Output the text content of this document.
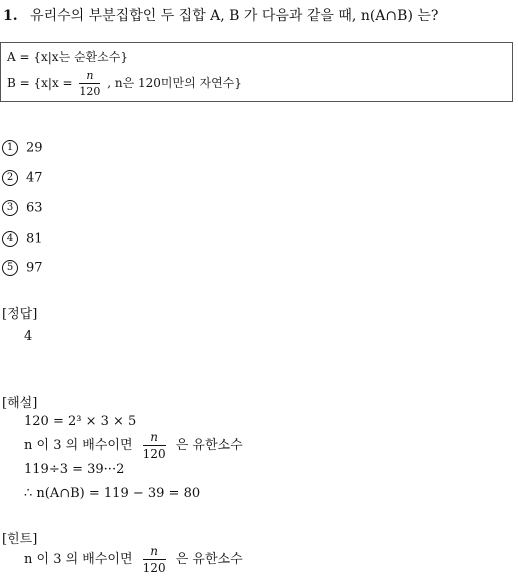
1. 유리수의 부분집합인 두 집합 A, B 가 다음과 같을 때, n(A∩B) 는?
A = {x|x는 순환소수}
$B = \{x|x = \frac{n}{120}$ , n은 120미만의 자연수}
1 29
2 47
3 63
4 81
5 97
[정답]
4
[해설]
120 = 2³ × 3 × 5
n 이 3 의 배수이면 $\frac{n}{120}$ 은 유한소수
119÷3 = 39···2
∴ n(A∩B) = 119 − 39 = 80
[힌트]
n 이 3 의 배수이면 $\frac{n}{120}$ 은 유한소수
